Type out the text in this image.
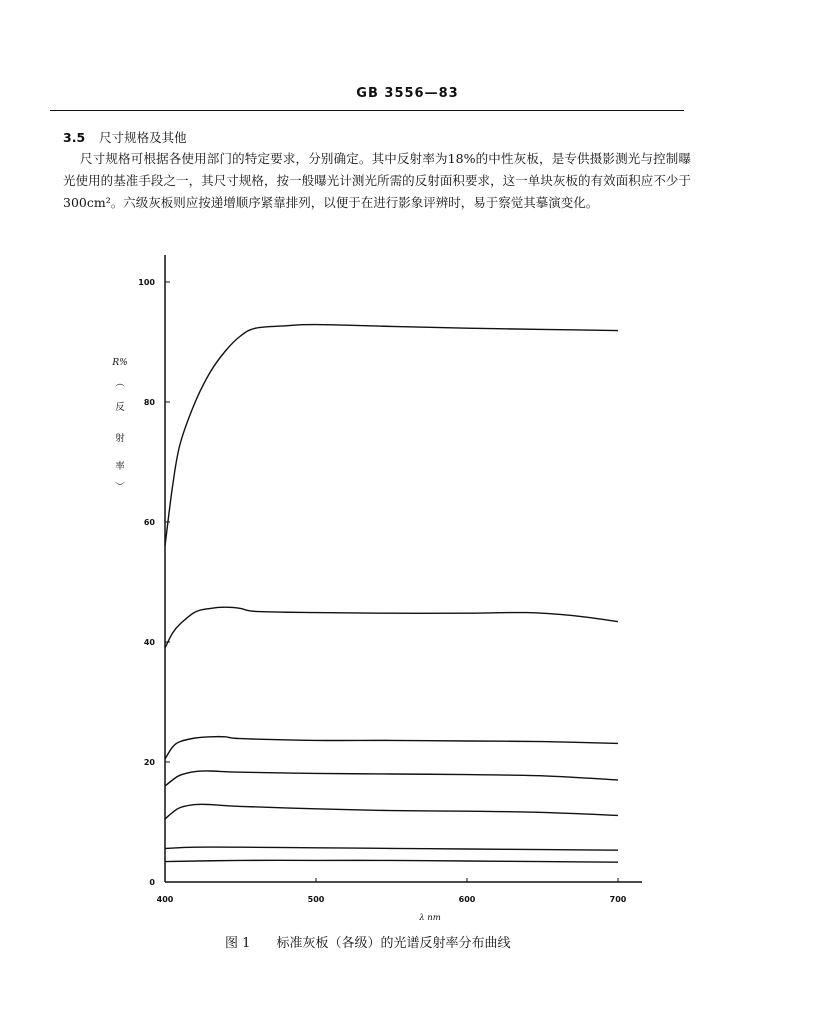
GB 3556—83
3.5 尺寸规格及其他
尺寸规格可根据各使用部门的特定要求，分别确定。其中反射率为18%的中性灰板，是专供摄影测光与控制曝光使用的基准手段之一，其尺寸规格，按一般曝光计测光所需的反射面积要求，这一单块灰板的有效面积应不少于300cm²。六级灰板则应按递增顺序紧靠排列，以便于在进行影象评辨时，易于察觉其摹演变化。
0
20
40
60
80
100
400	500	600	700
λ nm
R%
︵
反
射
率
︶
图 1 标准灰板（各级）的光谱反射率分布曲线
